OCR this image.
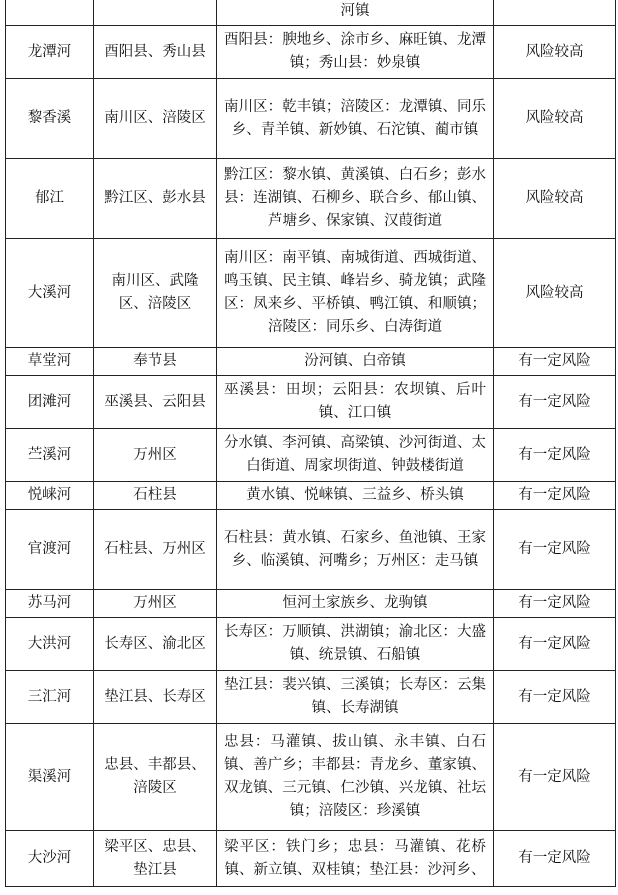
		河镇	
龙潭河	酉阳县、秀山县	酉阳县：腴地乡、涂市乡、麻旺镇、龙潭镇；秀山县：妙泉镇	风险较高
黎香溪	南川区、涪陵区	南川区：乾丰镇；涪陵区：龙潭镇、同乐乡、青羊镇、新妙镇、石沱镇、蔺市镇	风险较高
郁江	黔江区、彭水县	黔江区：黎水镇、黄溪镇、白石乡；彭水县：连湖镇、石柳乡、联合乡、郁山镇、芦塘乡、保家镇、汉葭街道	风险较高
大溪河	南川区、武隆区、涪陵区	南川区：南平镇、南城街道、西城街道、鸣玉镇、民主镇、峰岩乡、骑龙镇；武隆区：凤来乡、平桥镇、鸭江镇、和顺镇；涪陵区：同乐乡、白涛街道	风险较高
草堂河	奉节县	汾河镇、白帝镇	有一定风险
团滩河	巫溪县、云阳县	巫溪县：田坝；云阳县：农坝镇、后叶镇、江口镇	有一定风险
苎溪河	万州区	分水镇、李河镇、高梁镇、沙河街道、太白街道、周家坝街道、钟鼓楼街道	有一定风险
悦崃河	石柱县	黄水镇、悦崃镇、三益乡、桥头镇	有一定风险
官渡河	石柱县、万州区	石柱县：黄水镇、石家乡、鱼池镇、王家乡、临溪镇、河嘴乡；万州区：走马镇	有一定风险
苏马河	万州区	恒河土家族乡、龙驹镇	有一定风险
大洪河	长寿区、渝北区	长寿区：万顺镇、洪湖镇；渝北区：大盛镇、统景镇、石船镇	有一定风险
三汇河	垫江县、长寿区	垫江县：裴兴镇、三溪镇；长寿区：云集镇、长寿湖镇	有一定风险
渠溪河	忠县、丰都县、涪陵区	忠县：马灌镇、拔山镇、永丰镇、白石镇、善广乡；丰都县：青龙乡、董家镇、双龙镇、三元镇、仁沙镇、兴龙镇、社坛镇；涪陵区：珍溪镇	有一定风险
大沙河	梁平区、忠县、垫江县	梁平区：铁门乡；忠县：马灌镇、花桥镇、新立镇、双桂镇；垫江县：沙河乡、	有一定风险
